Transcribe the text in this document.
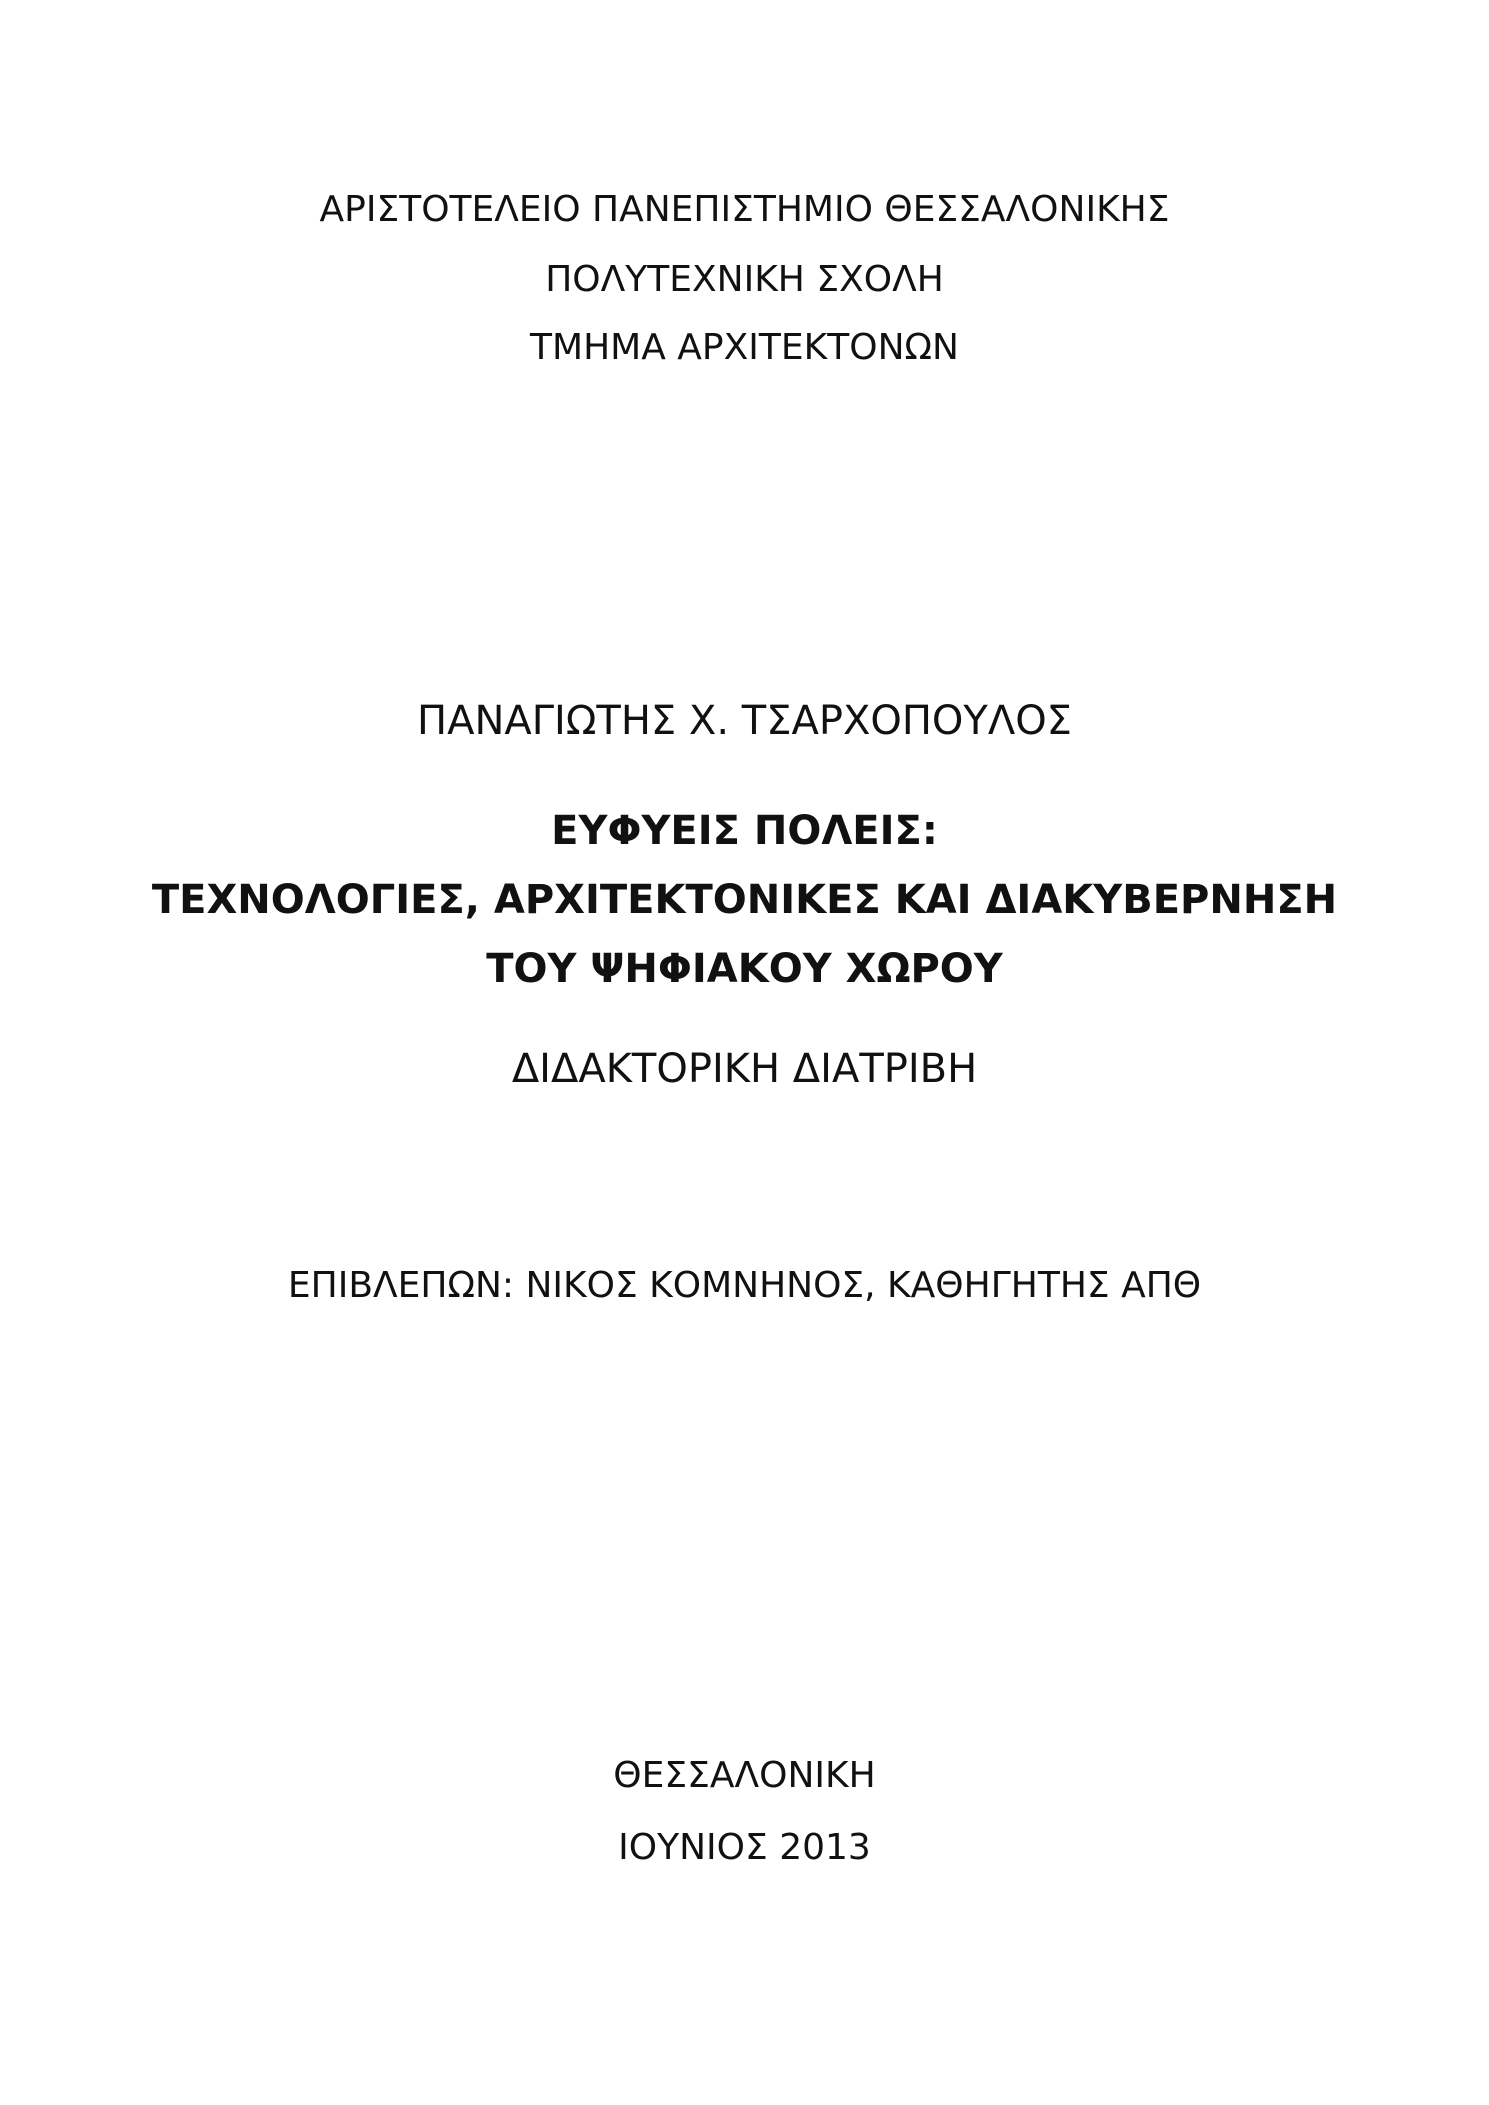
ΑΡΙΣΤΟΤΕΛΕΙΟ ΠΑΝΕΠΙΣΤΗΜΙΟ ΘΕΣΣΑΛΟΝΙΚΗΣ
ΠΟΛΥΤΕΧΝΙΚΗ ΣΧΟΛΗ
ΤΜΗΜΑ ΑΡΧΙΤΕΚΤΟΝΩΝ
ΠΑΝΑΓΙΩΤΗΣ Χ. ΤΣΑΡΧΟΠΟΥΛΟΣ
ΕΥΦΥΕΙΣ ΠΟΛΕΙΣ:
ΤΕΧΝΟΛΟΓΙΕΣ, ΑΡΧΙΤΕΚΤΟΝΙΚΕΣ ΚΑΙ ΔΙΑΚΥΒΕΡΝΗΣΗ
ΤΟΥ ΨΗΦΙΑΚΟΥ ΧΩΡΟΥ
ΔΙΔΑΚΤΟΡΙΚΗ ΔΙΑΤΡΙΒΗ
ΕΠΙΒΛΕΠΩΝ: ΝΙΚΟΣ ΚΟΜΝΗΝΟΣ, ΚΑΘΗΓΗΤΗΣ ΑΠΘ
ΘΕΣΣΑΛΟΝΙΚΗ
ΙΟΥΝΙΟΣ 2013
